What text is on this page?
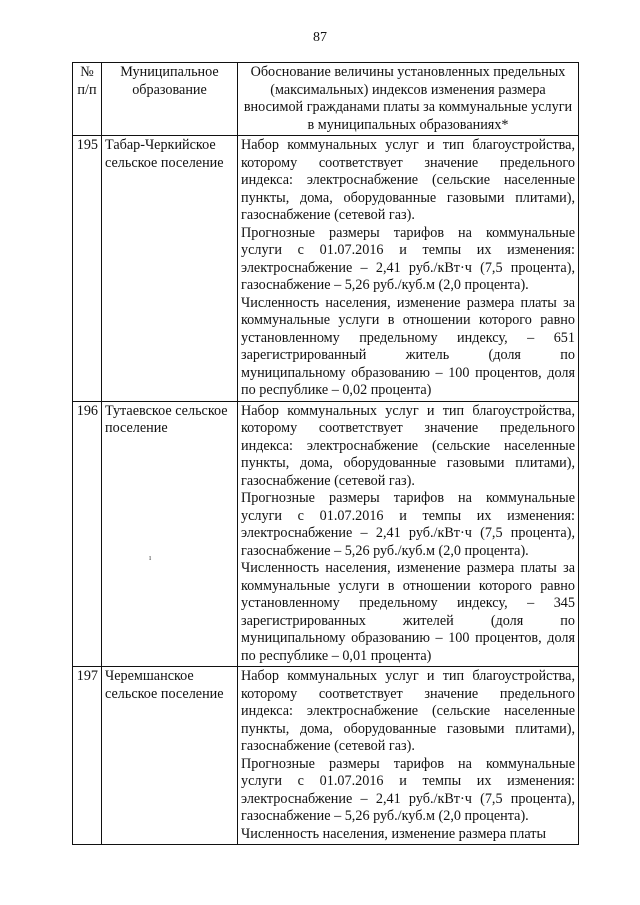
87
№ п/п	Муниципальное образование	Обоснование величины установленных предельных (максимальных) индексов изменения размера вносимой гражданами платы за коммунальные услуги в муниципальных образованиях*
195	Табар-Черкийское сельское поселение	Набор коммунальных услуг и тип благоустройства, которому соответствует значение предельного индекса: электроснабжение (сельские населенные пункты, дома, оборудованные газовыми плитами), газоснабжение (сетевой газ).

Прогнозные размеры тарифов на коммунальные услуги с 01.07.2016 и темпы их изменения: электроснабжение – 2,41 руб./кВт·ч (7,5 процента), газоснабжение – 5,26 руб./куб.м (2,0 процента).

Численность населения, изменение размера платы за коммунальные услуги в отношении которого равно установленному предельному индексу, – 651 зарегистрированный житель (доля по муниципальному образованию – 100 процентов, доля по республике – 0,02 процента)

196	Тутаевское сельское поселение	Набор коммунальных услуг и тип благоустройства, которому соответствует значение предельного индекса: электроснабжение (сельские населенные пункты, дома, оборудованные газовыми плитами), газоснабжение (сетевой газ).

Прогнозные размеры тарифов на коммунальные услуги с 01.07.2016 и темпы их изменения: электроснабжение – 2,41 руб./кВт·ч (7,5 процента), газоснабжение – 5,26 руб./куб.м (2,0 процента).

Численность населения, изменение размера платы за коммунальные услуги в отношении которого равно установленному предельному индексу, – 345 зарегистрированных жителей (доля по муниципальному образованию – 100 процентов, доля по республике – 0,01 процента)

197	Черемшанское сельское поселение	Набор коммунальных услуг и тип благоустройства, которому соответствует значение предельного индекса: электроснабжение (сельские населенные пункты, дома, оборудованные газовыми плитами), газоснабжение (сетевой газ).

Прогнозные размеры тарифов на коммунальные услуги с 01.07.2016 и темпы их изменения: электроснабжение – 2,41 руб./кВт·ч (7,5 процента), газоснабжение – 5,26 руб./куб.м (2,0 процента).

Численность населения, изменение размера платы

ı
